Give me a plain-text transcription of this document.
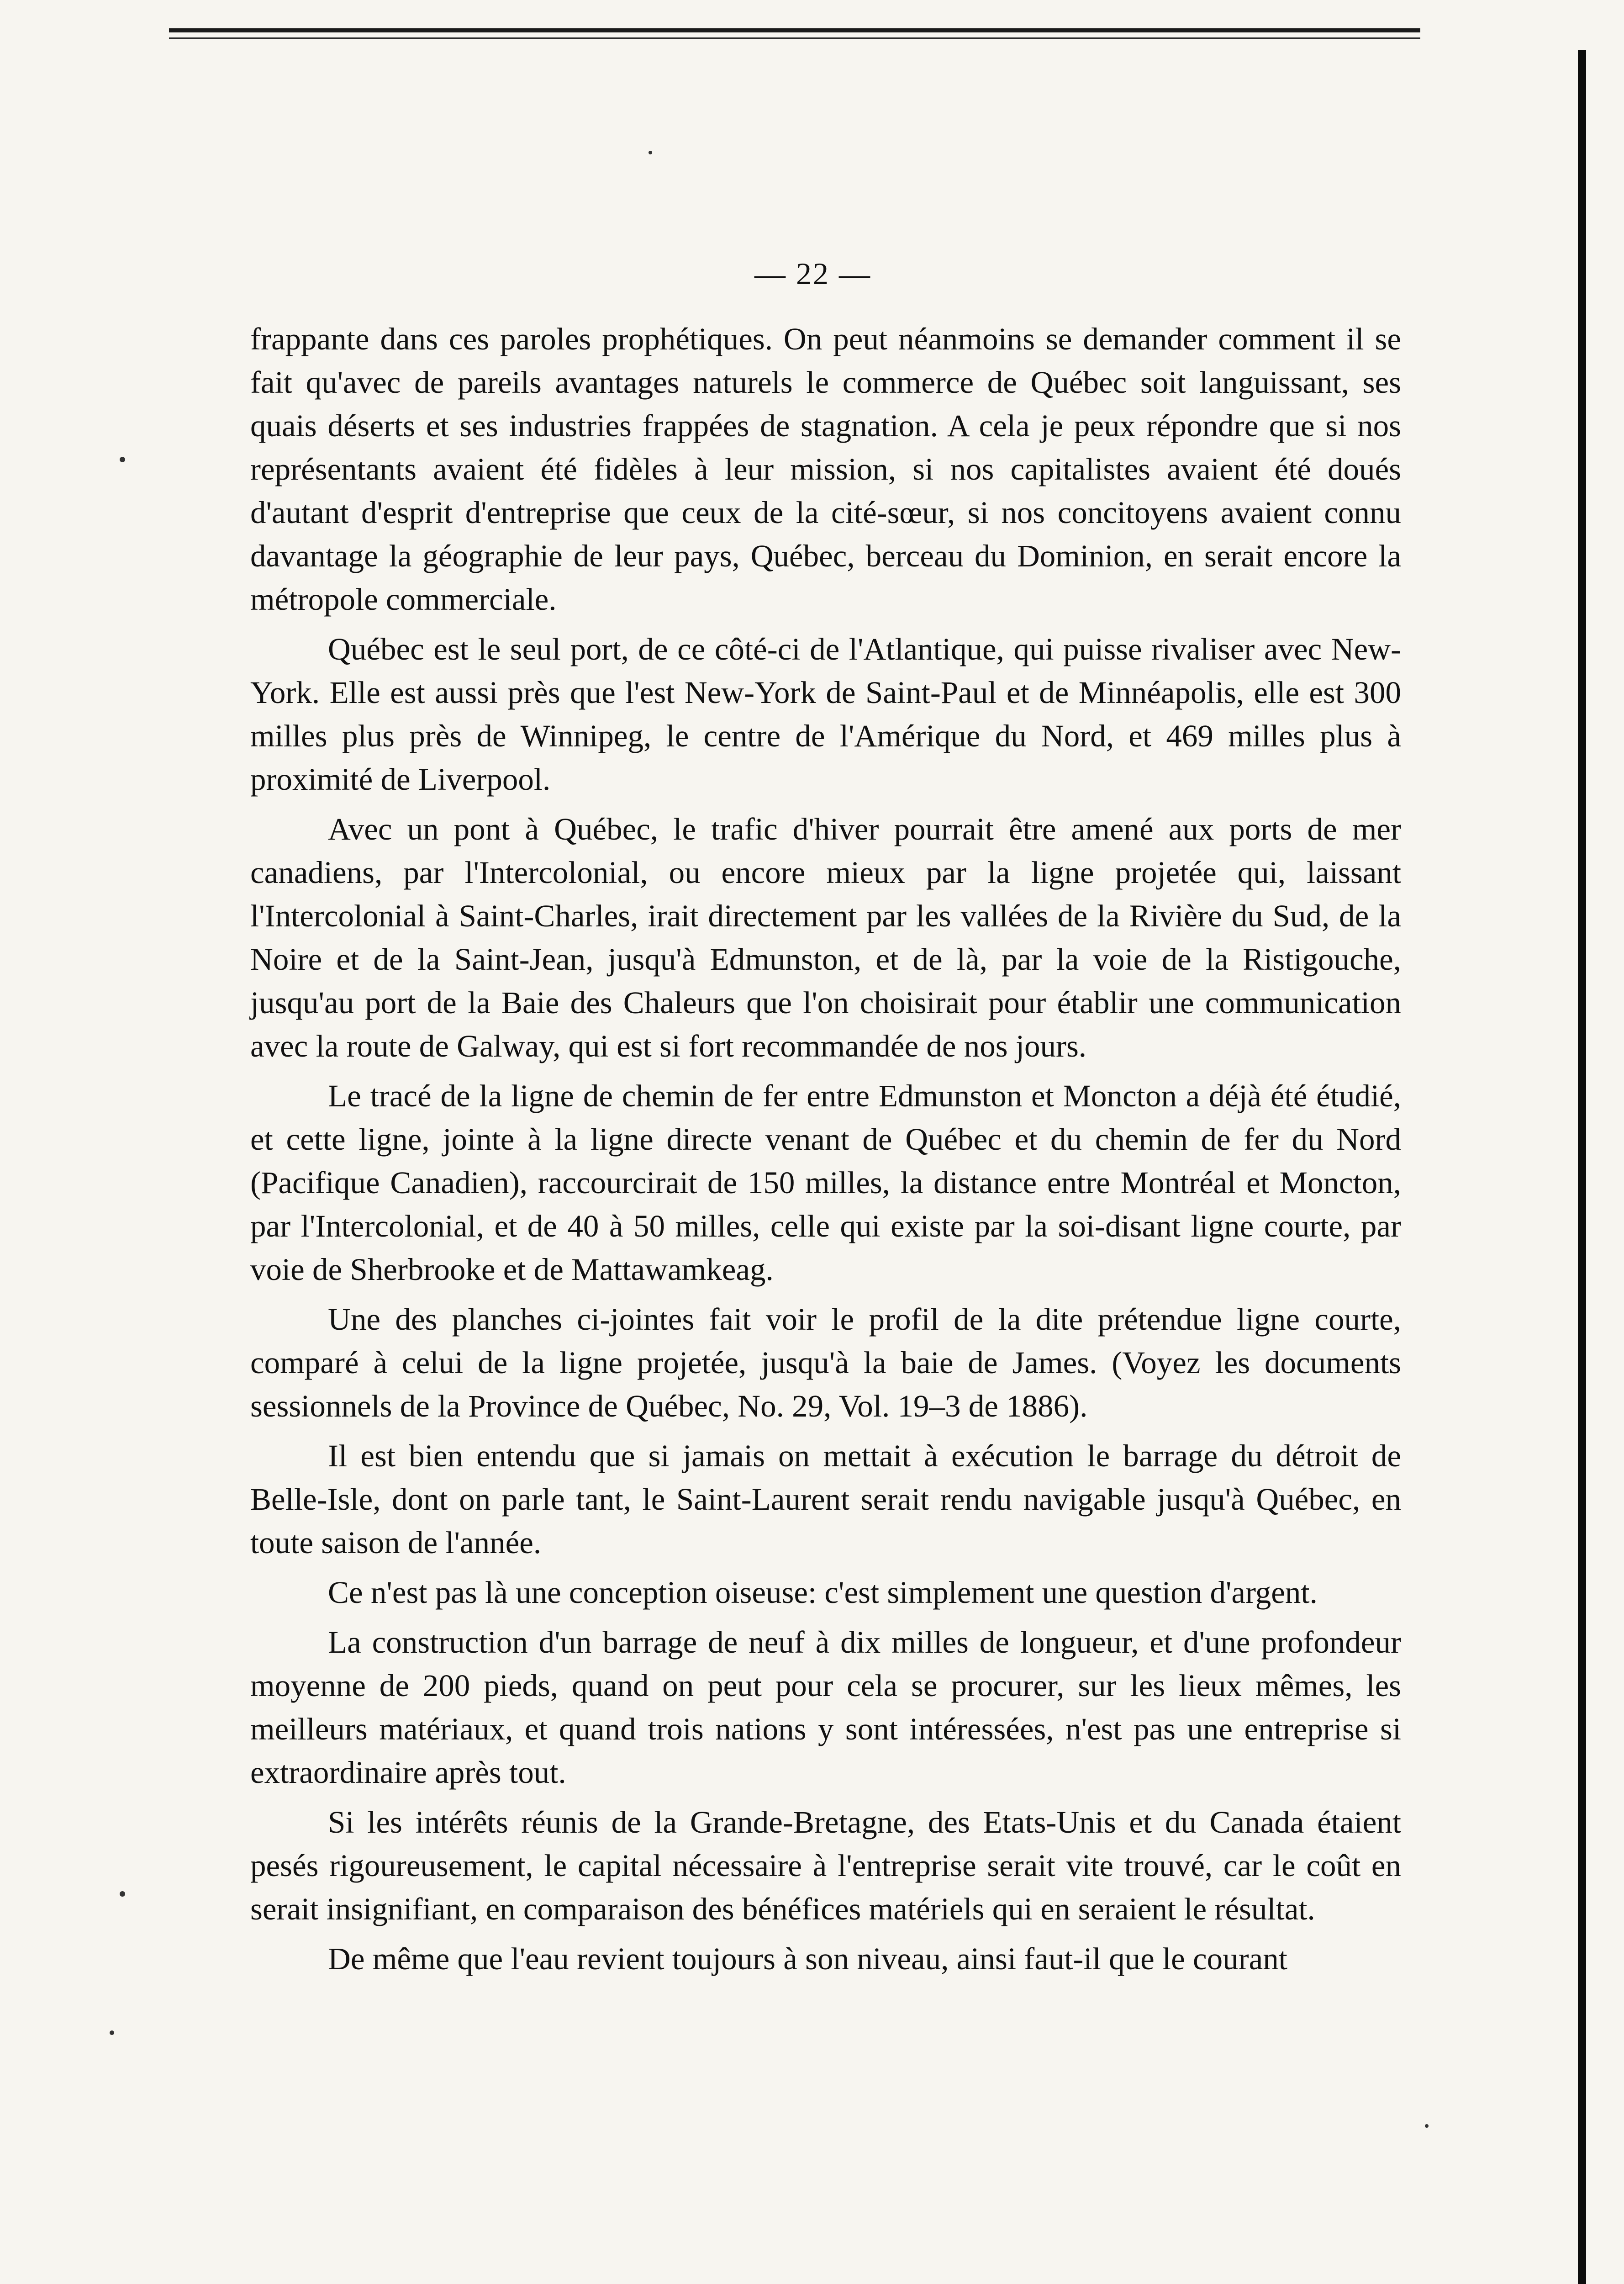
— 22 —

frappante dans ces paroles prophétiques. On peut néanmoins se demander comment il se fait qu'avec de pareils avantages naturels le commerce de Québec soit languissant, ses quais déserts et ses industries frappées de stagnation. A cela je peux répondre que si nos représentants avaient été fidèles à leur mission, si nos capitalistes avaient été doués d'autant d'esprit d'entreprise que ceux de la cité-sœur, si nos concitoyens avaient connu davantage la géographie de leur pays, Québec, berceau du Dominion, en serait encore la métropole commerciale.

Québec est le seul port, de ce côté-ci de l'Atlantique, qui puisse rivaliser avec New-York. Elle est aussi près que l'est New-York de Saint-Paul et de Minnéapolis, elle est 300 milles plus près de Winnipeg, le centre de l'Amérique du Nord, et 469 milles plus à proximité de Liverpool.

Avec un pont à Québec, le trafic d'hiver pourrait être amené aux ports de mer canadiens, par l'Intercolonial, ou encore mieux par la ligne projetée qui, laissant l'Intercolonial à Saint-Charles, irait directement par les vallées de la Rivière du Sud, de la Noire et de la Saint-Jean, jusqu'à Edmunston, et de là, par la voie de la Ristigouche, jusqu'au port de la Baie des Chaleurs que l'on choisirait pour établir une communication avec la route de Galway, qui est si fort recommandée de nos jours.

Le tracé de la ligne de chemin de fer entre Edmunston et Moncton a déjà été étudié, et cette ligne, jointe à la ligne directe venant de Québec et du chemin de fer du Nord (Pacifique Canadien), raccourcirait de 150 milles, la distance entre Montréal et Moncton, par l'Intercolonial, et de 40 à 50 milles, celle qui existe par la soi-disant ligne courte, par voie de Sherbrooke et de Mattawamkeag.

Une des planches ci-jointes fait voir le profil de la dite prétendue ligne courte, comparé à celui de la ligne projetée, jusqu'à la baie de James. (Voyez les documents sessionnels de la Province de Québec, No. 29, Vol. 19–3 de 1886).

Il est bien entendu que si jamais on mettait à exécution le barrage du détroit de Belle-Isle, dont on parle tant, le Saint-Laurent serait rendu navigable jusqu'à Québec, en toute saison de l'année.

Ce n'est pas là une conception oiseuse: c'est simplement une question d'argent.

La construction d'un barrage de neuf à dix milles de longueur, et d'une profondeur moyenne de 200 pieds, quand on peut pour cela se procurer, sur les lieux mêmes, les meilleurs matériaux, et quand trois nations y sont intéressées, n'est pas une entreprise si extraordinaire après tout.

Si les intérêts réunis de la Grande-Bretagne, des Etats-Unis et du Canada étaient pesés rigoureusement, le capital nécessaire à l'entreprise serait vite trouvé, car le coût en serait insignifiant, en comparaison des bénéfices matériels qui en seraient le résultat.

De même que l'eau revient toujours à son niveau, ainsi faut-il que le courant
